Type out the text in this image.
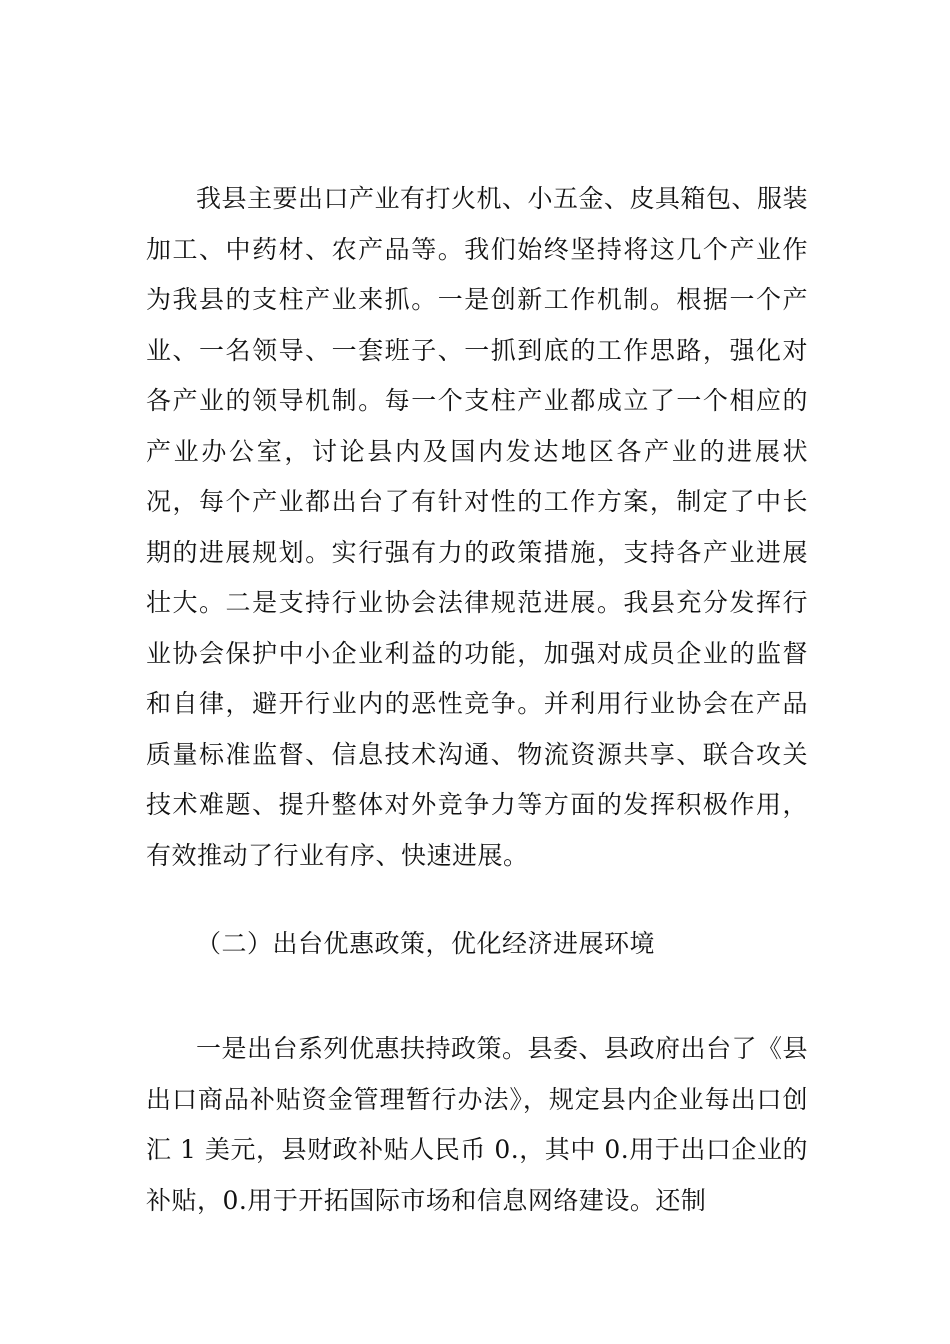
我县主要出口产业有打火机、小五金、皮具箱包、服装加工、中药材、农产品等。我们始终坚持将这几个产业作为我县的支柱产业来抓。一是创新工作机制。根据一个产业、一名领导、一套班子、一抓到底的工作思路，强化对各产业的领导机制。每一个支柱产业都成立了一个相应的产业办公室，讨论县内及国内发达地区各产业的进展状况，每个产业都出台了有针对性的工作方案，制定了中长期的进展规划。实行强有力的政策措施，支持各产业进展壮大。二是支持行业协会法律规范进展。我县充分发挥行业协会保护中小企业利益的功能，加强对成员企业的监督和自律，避开行业内的恶性竞争。并利用行业协会在产品质量标准监督、信息技术沟通、物流资源共享、联合攻关技术难题、提升整体对外竞争力等方面的发挥积极作用，有效推动了行业有序、快速进展。

（二）出台优惠政策，优化经济进展环境

一是出台系列优惠扶持政策。县委、县政府出台了《县出口商品补贴资金管理暂行办法》，规定县内企业每出口创汇 1 美元，县财政补贴人民币 0.，其中 0.用于出口企业的补贴，0.用于开拓国际市场和信息网络建设。还制
